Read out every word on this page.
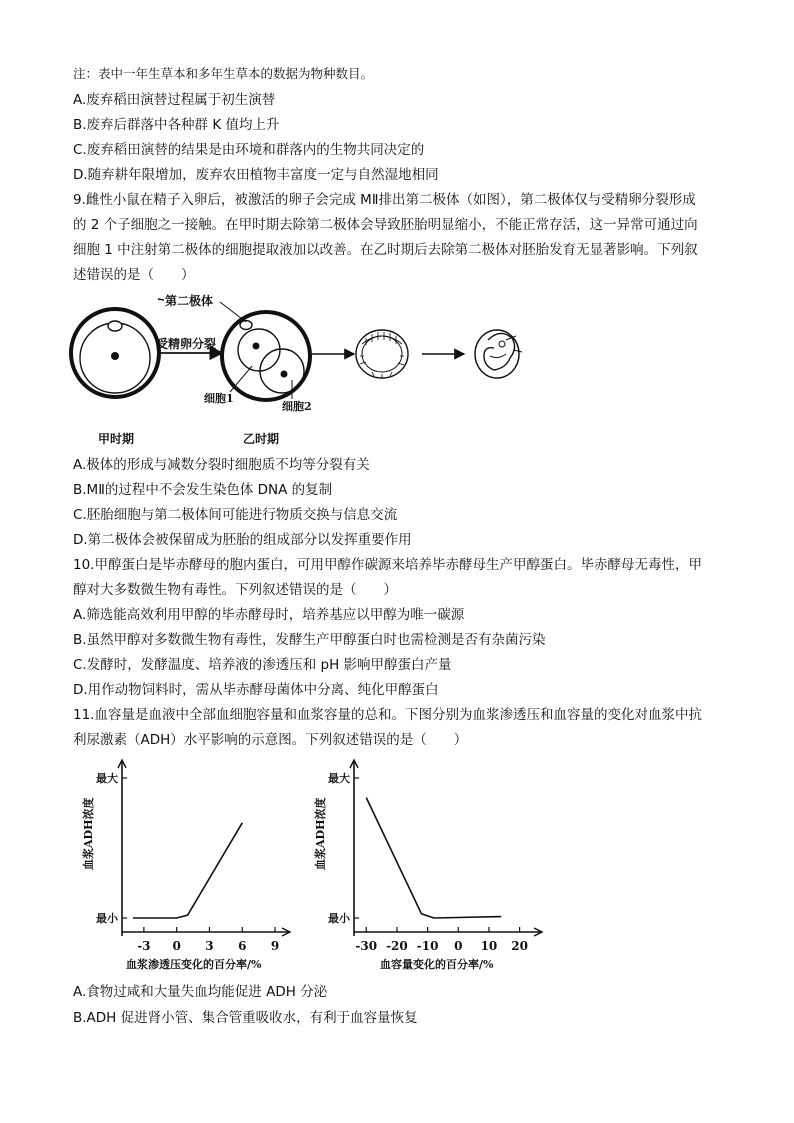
注：表中一年生草本和多年生草本的数据为物种数目。
A.废弃稻田演替过程属于初生演替
B.废弃后群落中各种群 K 值均上升
C.废弃稻田演替的结果是由环境和群落内的生物共同决定的
D.随弃耕年限增加，废弃农田植物丰富度一定与自然湿地相同
9.雌性小鼠在精子入卵后，被激活的卵子会完成 MⅡ排出第二极体（如图），第二极体仅与受精卵分裂形成
的 2 个子细胞之一接触。在甲时期去除第二极体会导致胚胎明显缩小，不能正常存活，这一异常可通过向
细胞 1 中注射第二极体的细胞提取液加以改善。在乙时期后去除第二极体对胚胎发育无显著影响。下列叙
述错误的是（　　）
受精卵分裂
第二极体
细胞1
细胞2
甲时期	乙时期
A.极体的形成与减数分裂时细胞质不均等分裂有关
B.MⅡ的过程中不会发生染色体 DNA 的复制
C.胚胎细胞与第二极体间可能进行物质交换与信息交流
D.第二极体会被保留成为胚胎的组成部分以发挥重要作用
10.甲醇蛋白是毕赤酵母的胞内蛋白，可用甲醇作碳源来培养毕赤酵母生产甲醇蛋白。毕赤酵母无毒性，甲
醇对大多数微生物有毒性。下列叙述错误的是（　　）
A.筛选能高效利用甲醇的毕赤酵母时，培养基应以甲醇为唯一碳源
B.虽然甲醇对多数微生物有毒性，发酵生产甲醇蛋白时也需检测是否有杂菌污染
C.发酵时，发酵温度、培养液的渗透压和 pH 影响甲醇蛋白产量
D.用作动物饲料时，需从毕赤酵母菌体中分离、纯化甲醇蛋白
11.血容量是血液中全部血细胞容量和血浆容量的总和。下图分别为血浆渗透压和血容量的变化对血浆中抗
利尿激素（ADH）水平影响的示意图。下列叙述错误的是（　　）
最小
最大
-3 0 3 6 9
血浆ADH浓度
血浆渗透压变化的百分率/%
最小
最大
-30 -20 -10 0 10 20
血浆ADH浓度
血容量变化的百分率/%
A.食物过咸和大量失血均能促进 ADH 分泌
B.ADH 促进肾小管、集合管重吸收水，有利于血容量恢复
